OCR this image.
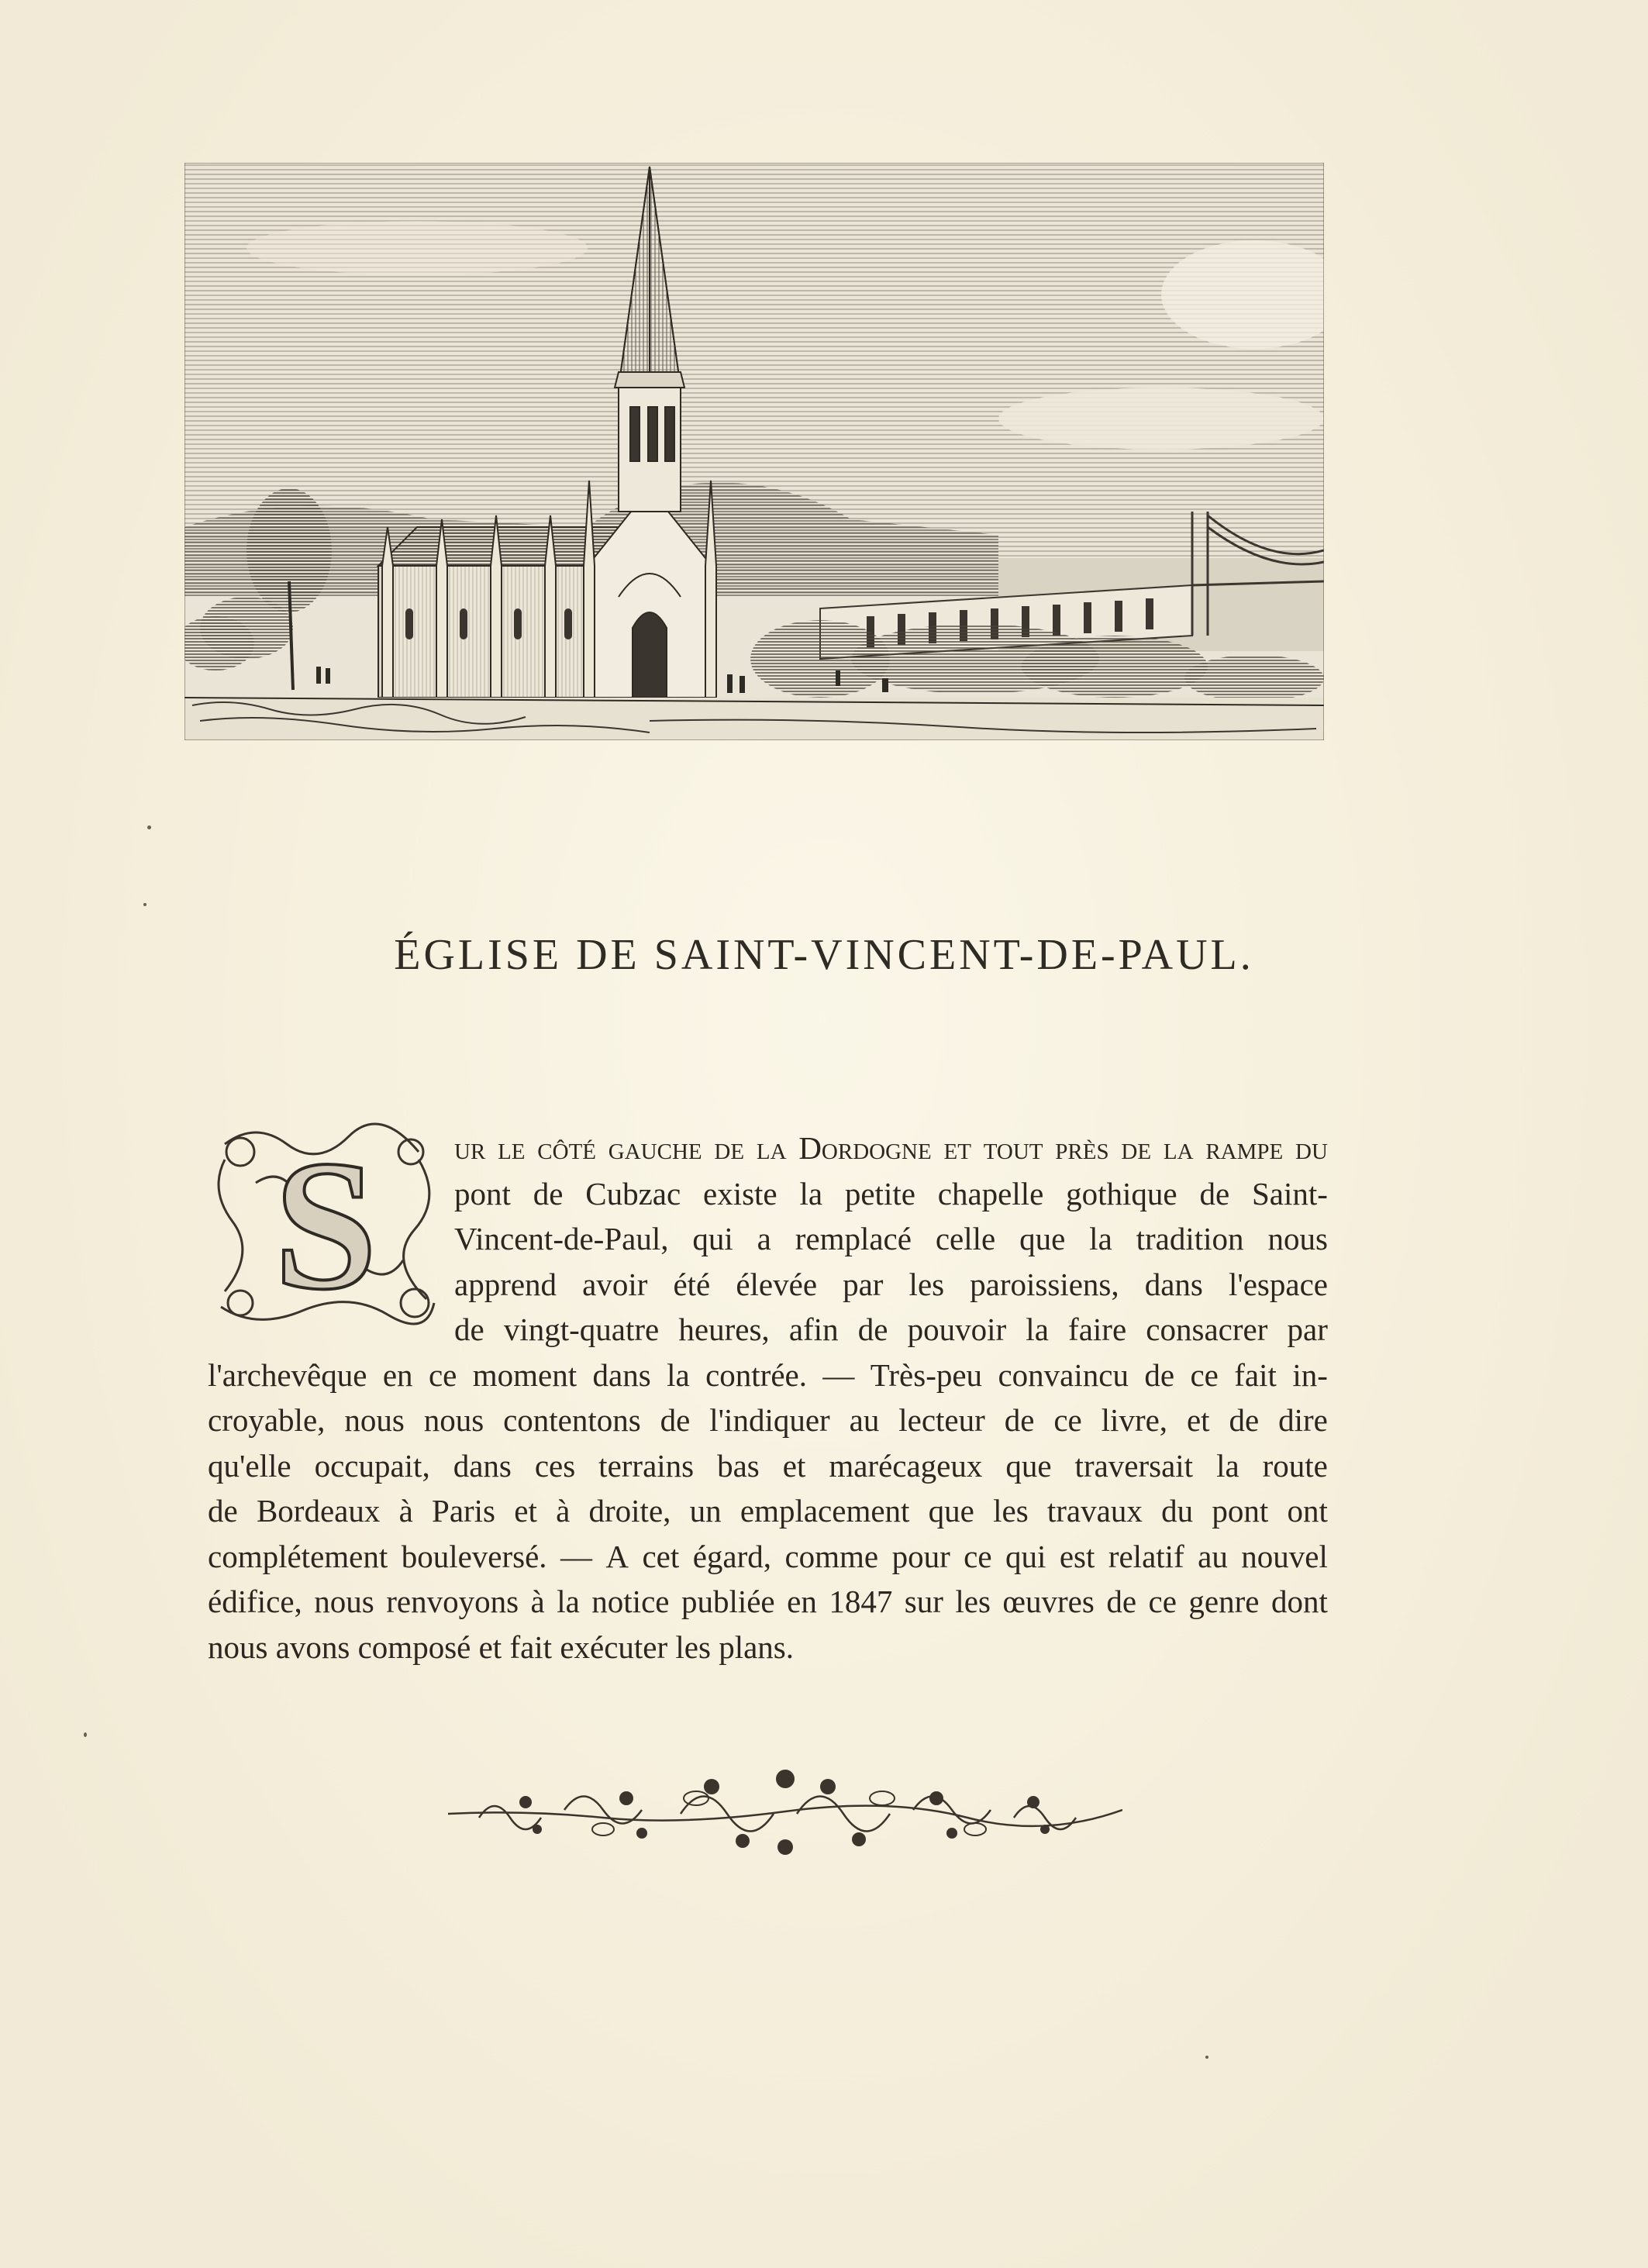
ÉGLISE DE SAINT-VINCENT-DE-PAUL.
S ur le côté gauche de la Dordogne et tout près de la rampe du
pont de Cubzac existe la petite chapelle gothique de Saint-
Vincent-de-Paul, qui a remplacé celle que la tradition nous
apprend avoir été élevée par les paroissiens, dans l'espace
de vingt-quatre heures, afin de pouvoir la faire consacrer par
l'archevêque en ce moment dans la contrée. — Très-peu convaincu de ce fait in-
croyable, nous nous contentons de l'indiquer au lecteur de ce livre, et de dire
qu'elle occupait, dans ces terrains bas et marécageux que traversait la route
de Bordeaux à Paris et à droite, un emplacement que les travaux du pont ont
complétement bouleversé. — A cet égard, comme pour ce qui est relatif au nouvel
édifice, nous renvoyons à la notice publiée en 1847 sur les œuvres de ce genre dont
nous avons composé et fait exécuter les plans.
